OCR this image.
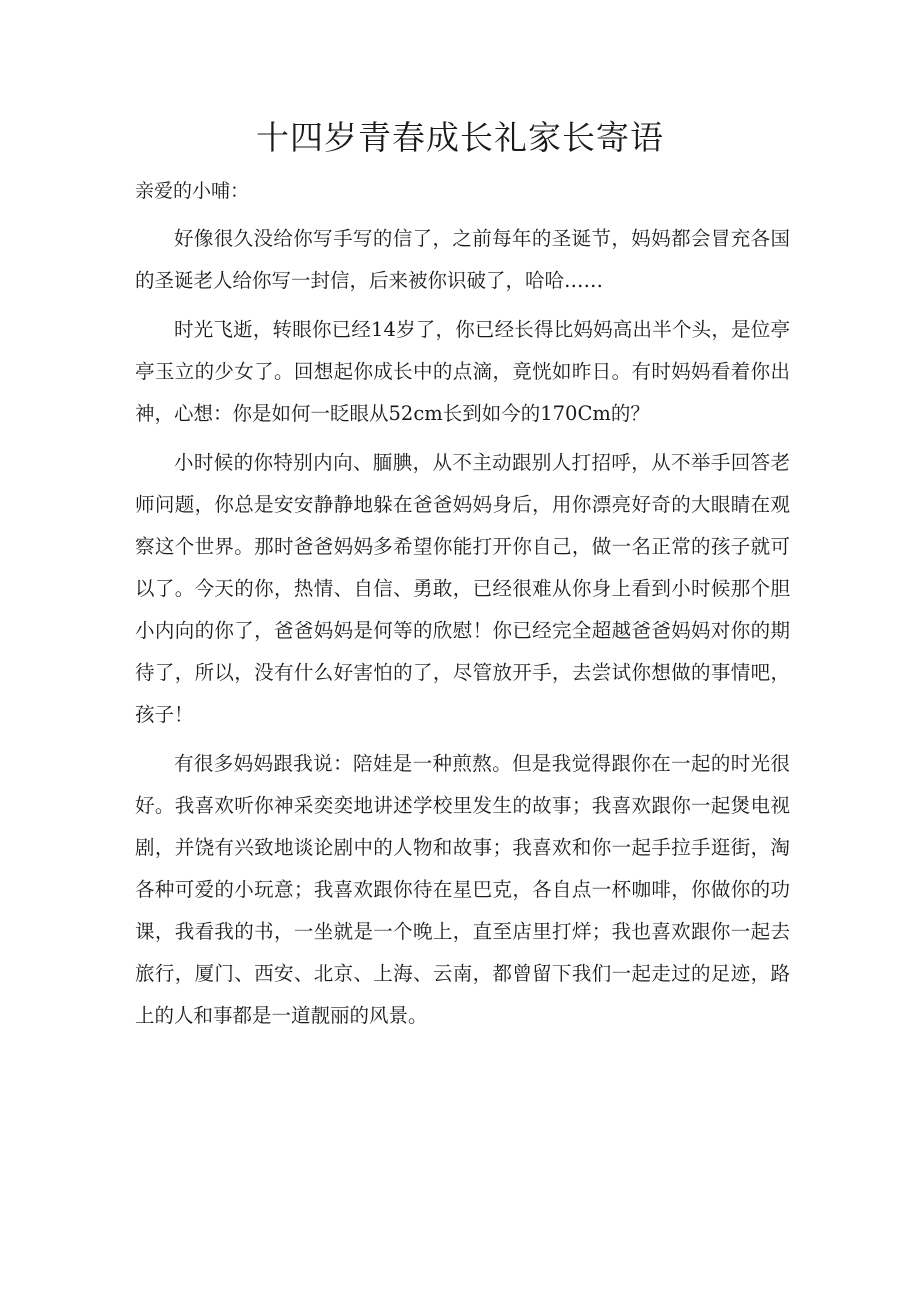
十四岁青春成长礼家长寄语

亲爱的小哺：

好像很久没给你写手写的信了，之前每年的圣诞节，妈妈都会冒充各国的圣诞老人给你写一封信，后来被你识破了，哈哈……

时光飞逝，转眼你已经14岁了，你已经长得比妈妈高出半个头，是位亭亭玉立的少女了。回想起你成长中的点滴，竟恍如昨日。有时妈妈看着你出神，心想：你是如何一眨眼从52cm长到如今的170Cm的？

小时候的你特别内向、腼腆，从不主动跟别人打招呼，从不举手回答老师问题，你总是安安静静地躲在爸爸妈妈身后，用你漂亮好奇的大眼睛在观察这个世界。那时爸爸妈妈多希望你能打开你自己，做一名正常的孩子就可以了。今天的你，热情、自信、勇敢，已经很难从你身上看到小时候那个胆小内向的你了，爸爸妈妈是何等的欣慰！你已经完全超越爸爸妈妈对你的期待了，所以，没有什么好害怕的了，尽管放开手，去尝试你想做的事情吧，孩子！

有很多妈妈跟我说：陪娃是一种煎熬。但是我觉得跟你在一起的时光很好。我喜欢听你神采奕奕地讲述学校里发生的故事；我喜欢跟你一起煲电视剧，并饶有兴致地谈论剧中的人物和故事；我喜欢和你一起手拉手逛街，淘各种可爱的小玩意；我喜欢跟你待在星巴克，各自点一杯咖啡，你做你的功课，我看我的书，一坐就是一个晚上，直至店里打烊；我也喜欢跟你一起去旅行，厦门、西安、北京、上海、云南，都曾留下我们一起走过的足迹，路上的人和事都是一道靓丽的风景。
